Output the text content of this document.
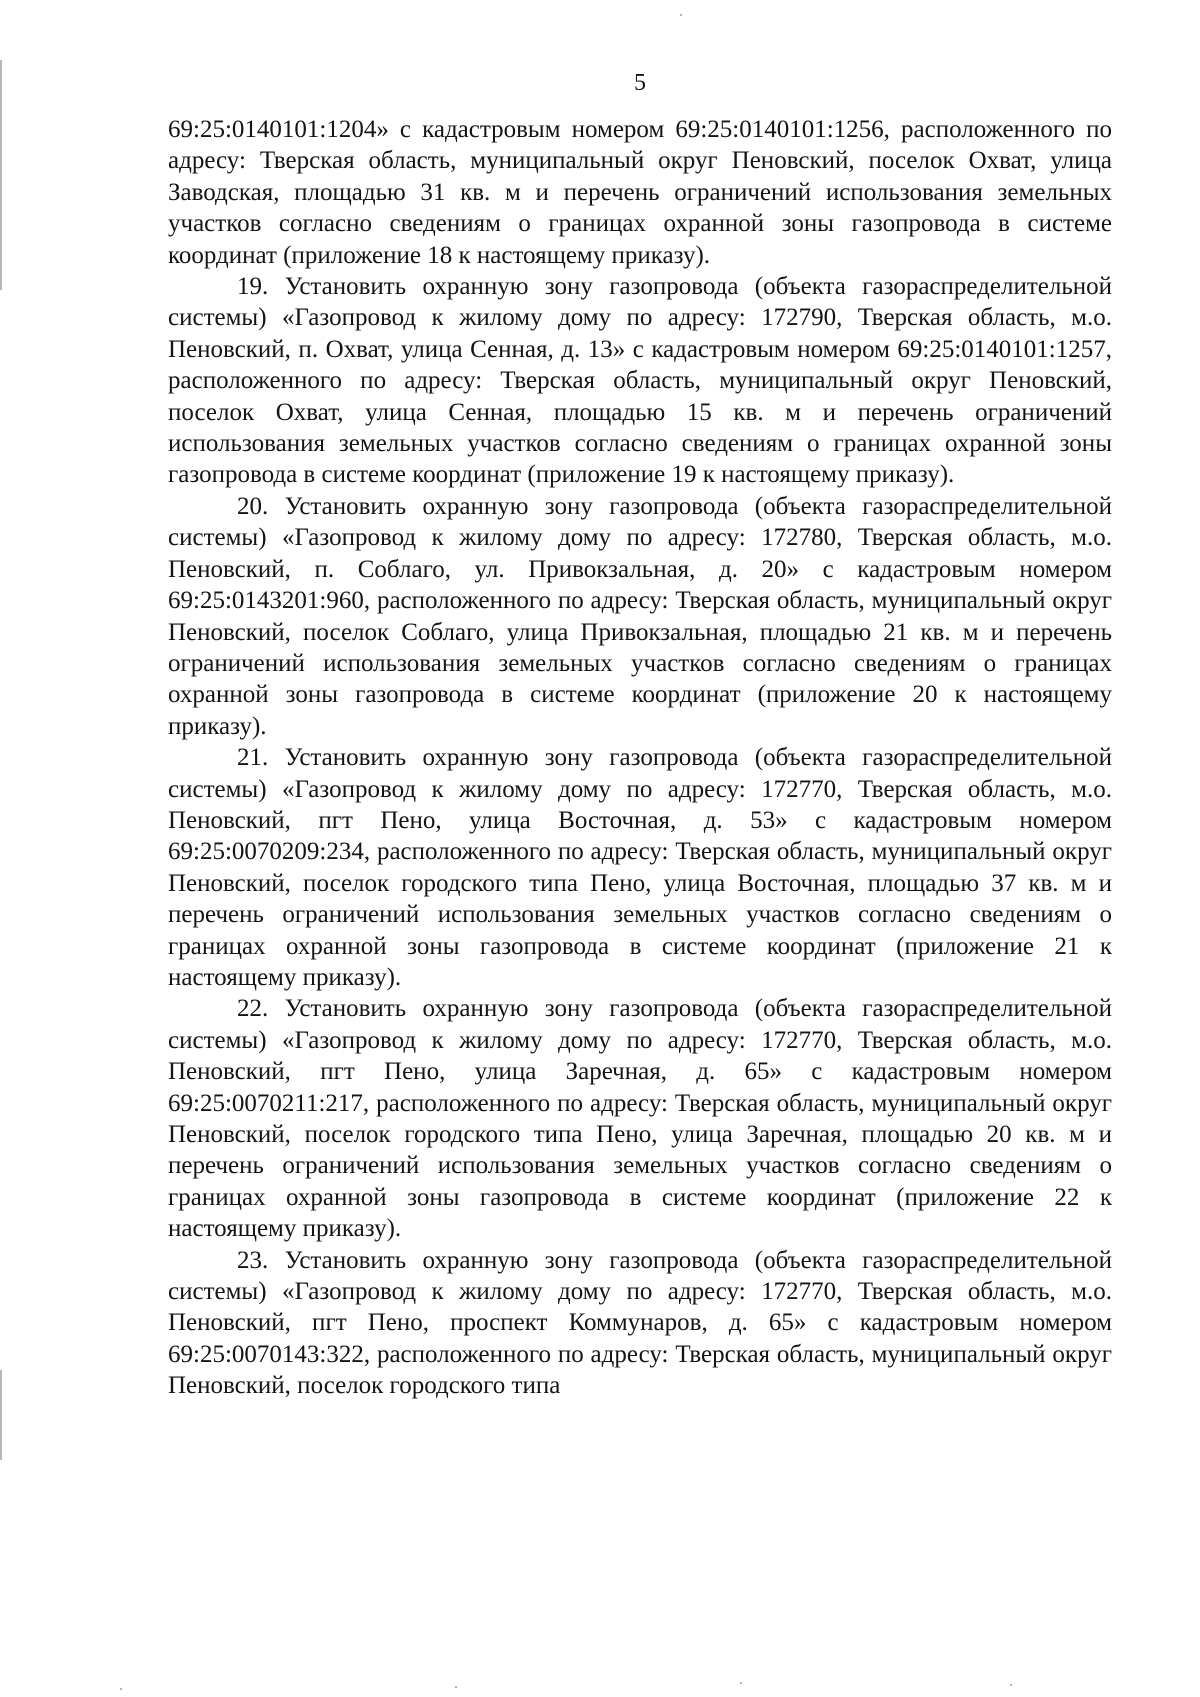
5

69:25:0140101:1204» с кадастровым номером 69:25:0140101:1256, расположенного по адресу: Тверская область, муниципальный округ Пеновский, поселок Охват, улица Заводская, площадью 31 кв. м и перечень ограничений использования земельных участков согласно сведениям о границах охранной зоны газопровода в системе координат (приложение 18 к настоящему приказу).

19. Установить охранную зону газопровода (объекта газораспределительной системы) «Газопровод к жилому дому по адресу: 172790, Тверская область, м.о. Пеновский, п. Охват, улица Сенная, д. 13» с кадастровым номером 69:25:0140101:1257, расположенного по адресу: Тверская область, муниципальный округ Пеновский, поселок Охват, улица Сенная, площадью 15 кв. м и перечень ограничений использования земельных участков согласно сведениям о границах охранной зоны газопровода в системе координат (приложение 19 к настоящему приказу).

20. Установить охранную зону газопровода (объекта газораспределительной системы) «Газопровод к жилому дому по адресу: 172780, Тверская область, м.о. Пеновский, п. Соблаго, ул. Привокзальная, д. 20» с кадастровым номером 69:25:0143201:960, расположенного по адресу: Тверская область, муниципальный округ Пеновский, поселок Соблаго, улица Привокзальная, площадью 21 кв. м и перечень ограничений использования земельных участков согласно сведениям о границах охранной зоны газопровода в системе координат (приложение 20 к настоящему приказу).

21. Установить охранную зону газопровода (объекта газораспределительной системы) «Газопровод к жилому дому по адресу: 172770, Тверская область, м.о. Пеновский, пгт Пено, улица Восточная, д. 53» с кадастровым номером 69:25:0070209:234, расположенного по адресу: Тверская область, муниципальный округ Пеновский, поселок городского типа Пено, улица Восточная, площадью 37 кв. м и перечень ограничений использования земельных участков согласно сведениям о границах охранной зоны газопровода в системе координат (приложение 21 к настоящему приказу).

22. Установить охранную зону газопровода (объекта газораспределительной системы) «Газопровод к жилому дому по адресу: 172770, Тверская область, м.о. Пеновский, пгт Пено, улица Заречная, д. 65» с кадастровым номером 69:25:0070211:217, расположенного по адресу: Тверская область, муниципальный округ Пеновский, поселок городского типа Пено, улица Заречная, площадью 20 кв. м и перечень ограничений использования земельных участков согласно сведениям о границах охранной зоны газопровода в системе координат (приложение 22 к настоящему приказу).

23. Установить охранную зону газопровода (объекта газораспределительной системы) «Газопровод к жилому дому по адресу: 172770, Тверская область, м.о. Пеновский, пгт Пено, проспект Коммунаров, д. 65» с кадастровым номером 69:25:0070143:322, расположенного по адресу: Тверская область, муниципальный округ Пеновский, поселок городского типа
